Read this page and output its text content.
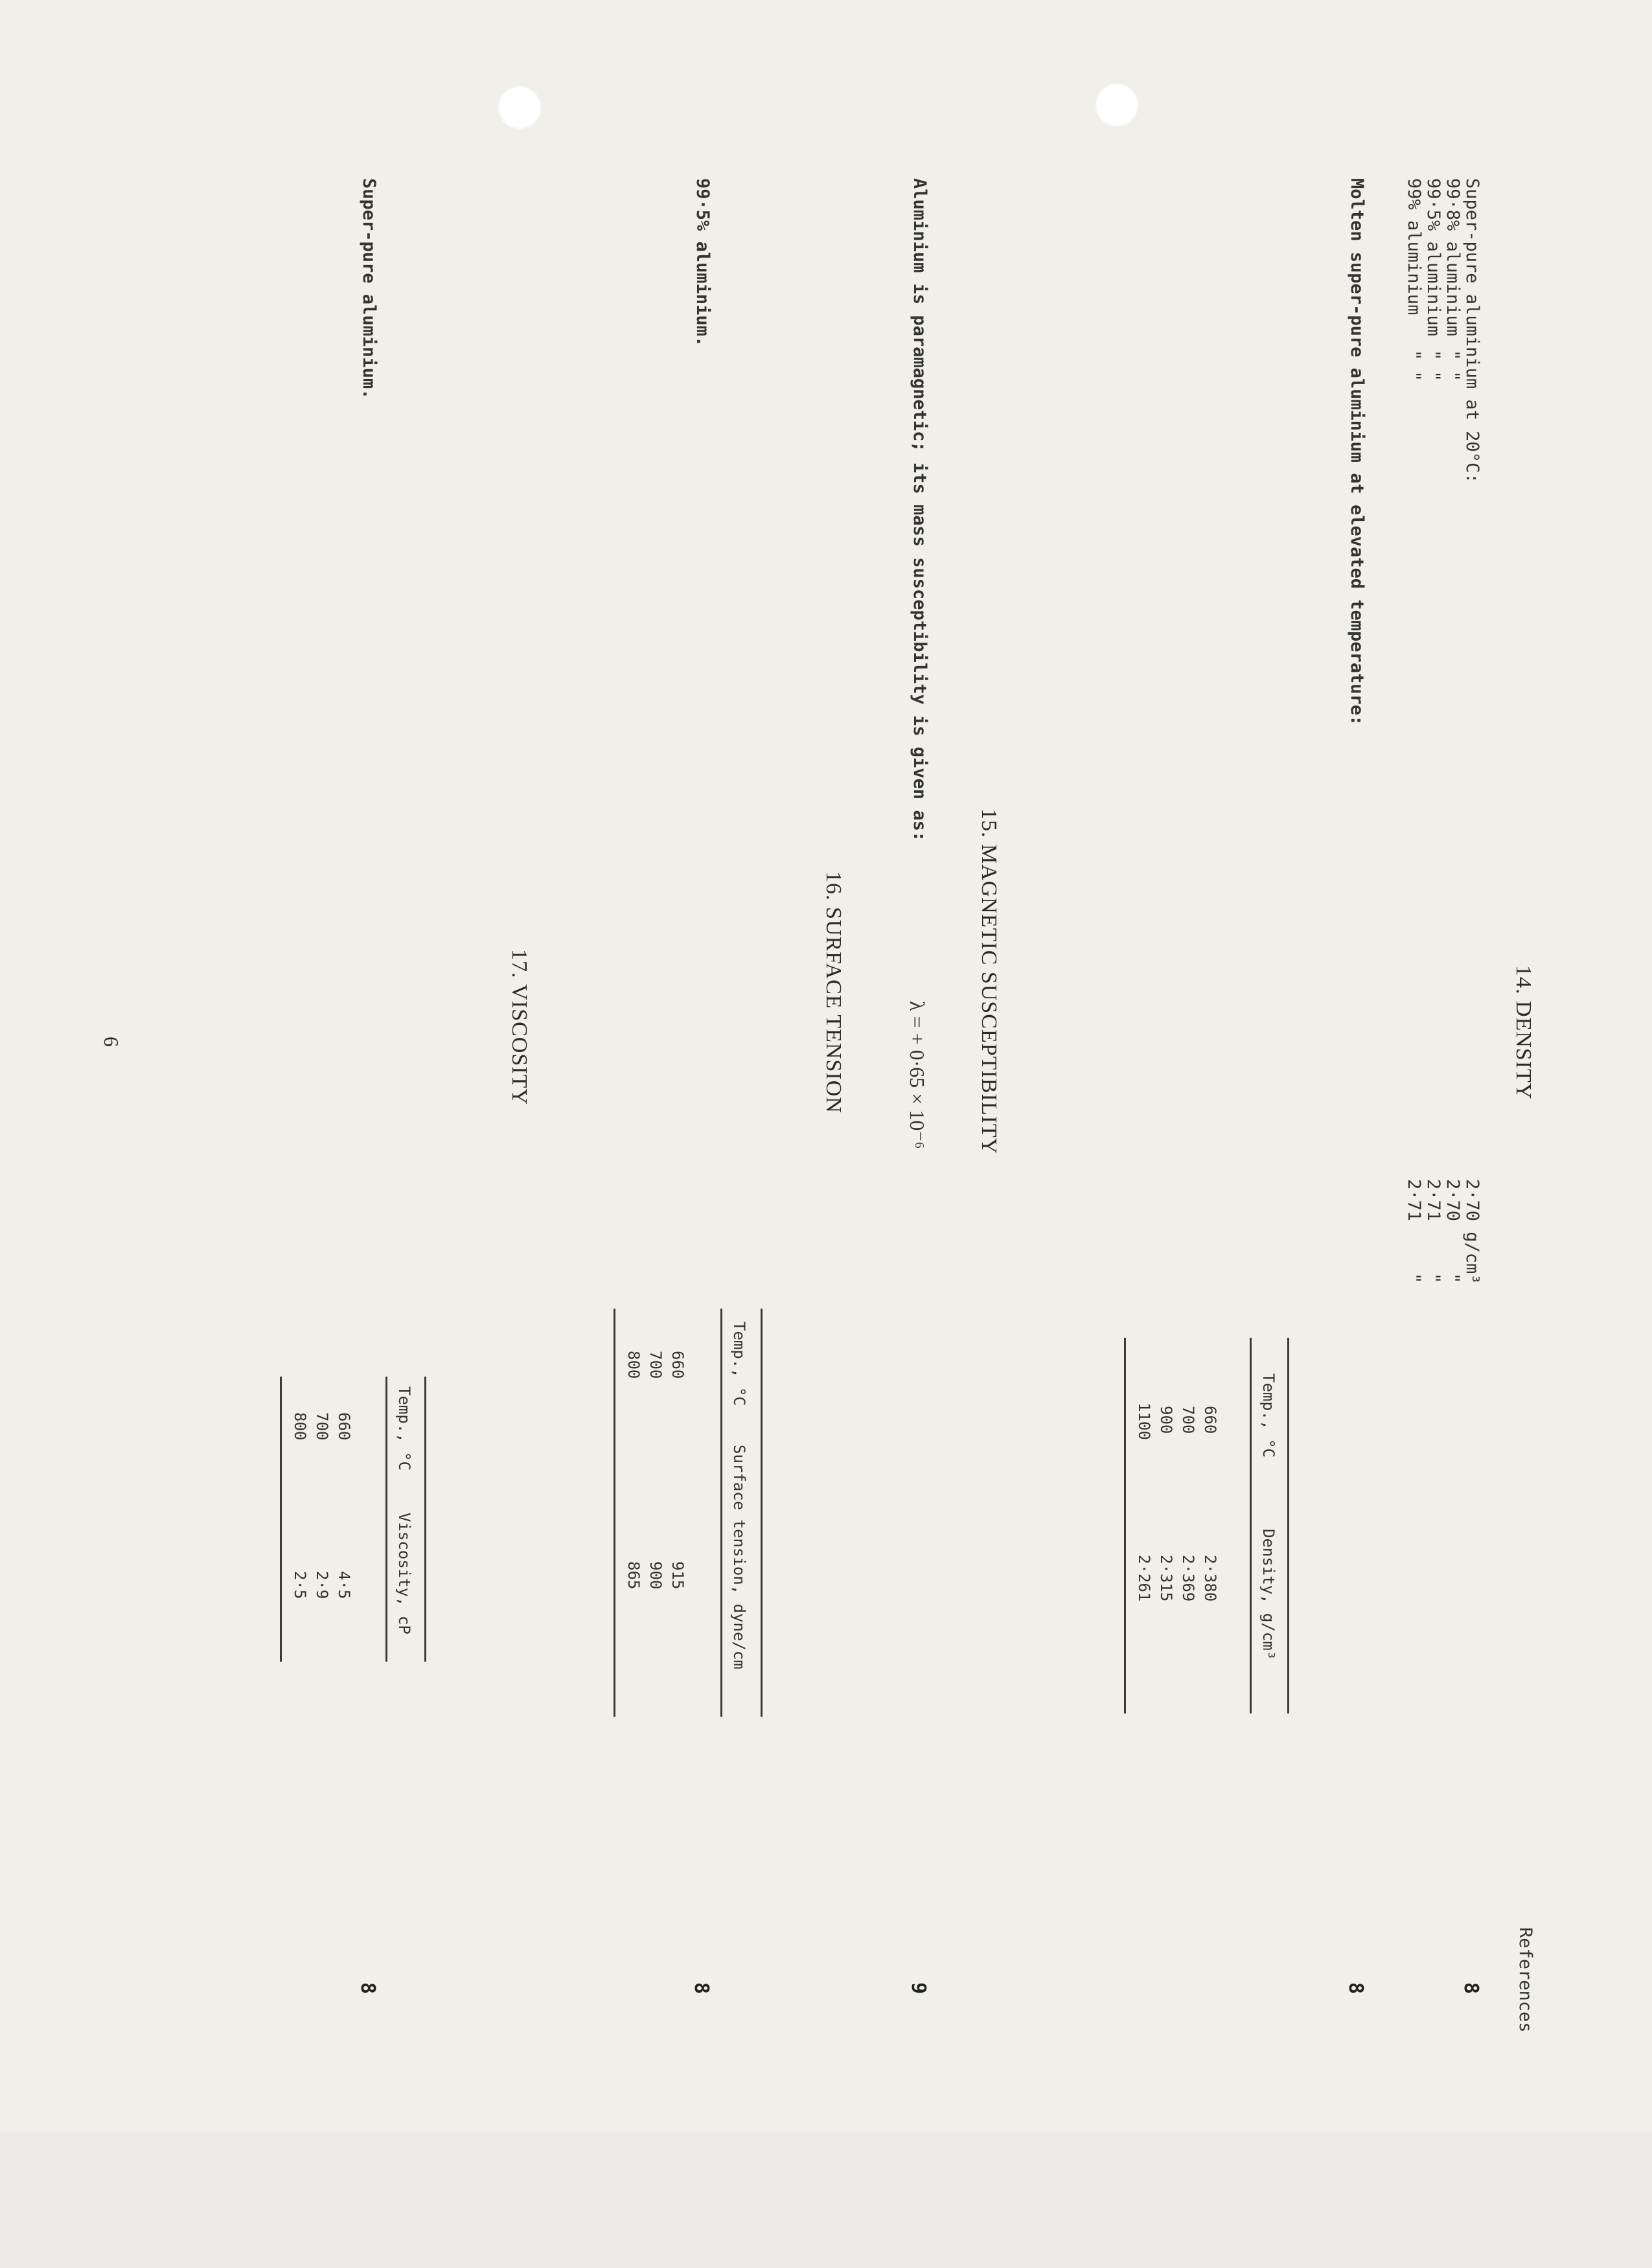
References
14. DENSITY
Super-pure aluminium at 20°C:
2·70 g/cm³
99·8% aluminium
" "
2·70
"
99·5% aluminium
" "
2·71
"
99% aluminium
" "
2·71
"
8
Molten super-pure aluminium at elevated temperature:
Temp., °C
Density, g/cm³
660
2·380
700
2·369
900
2·315
1100
2·261
8
15. MAGNETIC SUSCEPTIBILITY
Aluminium is paramagnetic; its mass susceptibility is given as:
λ = + 0·65 × 10⁻⁶
9
16. SURFACE TENSION
99·5% aluminium.
Temp., °C
Surface tension, dyne/cm
660
915
700
900
800
865
8
17. VISCOSITY
Super-pure aluminium.
Temp., °C
Viscosity, cP
660
4·5
700
2·9
800
2·5
8
6
